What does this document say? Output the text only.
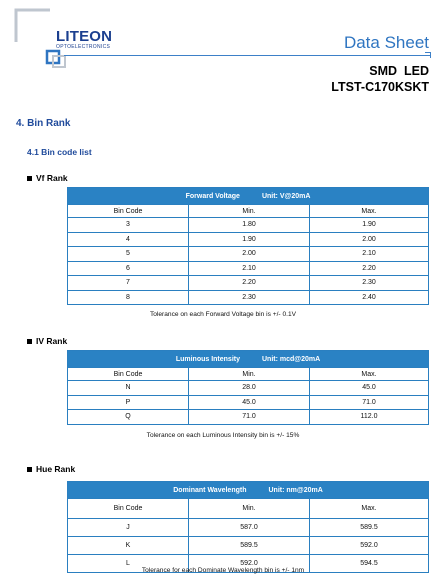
LITEON
OPTOELECTRONICS	Data Sheet
SMD  LED
LTST-C170KSKT
4. Bin Rank
4.1 Bin code list
Vf Rank
Forward Voltage Unit: V@20mA		
Bin Code	Min.	Max.
3	1.80	1.90
4	1.90	2.00
5	2.00	2.10
6	2.10	2.20
7	2.20	2.30
8	2.30	2.40
Tolerance on each Forward Voltage bin is +/- 0.1V
IV Rank
Luminous Intensity Unit: mcd@20mA		
Bin Code	Min.	Max.
N	28.0	45.0
P	45.0	71.0
Q	71.0	112.0
Tolerance on each Luminous Intensity bin is +/- 15%
Hue Rank
Dominant Wavelength Unit: nm@20mA		
Bin Code	Min.	Max.
J	587.0	589.5
K	589.5	592.0
L	592.0	594.5
Tolerance for each Dominate Wavelength bin is +/- 1nm
